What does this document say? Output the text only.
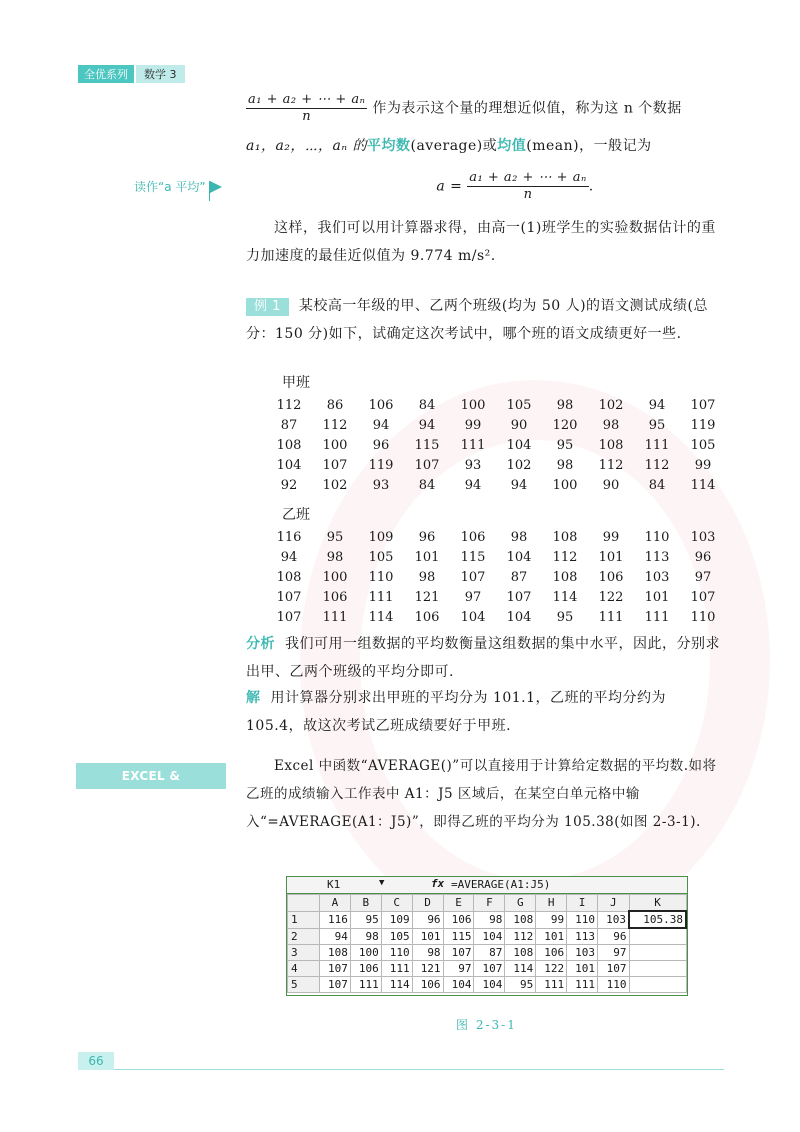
全优系列	数学 3
$\frac{\text{a₁ + a₂ + ⋯ + aₙ}}{n}$ 作为表示这个量的理想近似值，称为这 n 个数据
a₁，a₂，⋯，aₙ 的平均数(average)或均值(mean)，一般记为
$a = \frac{\text{a₁ + a₂ + ⋯ + aₙ}}{n}$ .
读作“a 平均”
这样，我们可以用计算器求得，由高一(1)班学生的实验数据估计的重力加速度的最佳近似值为 9.774 m/s².
例 1 某校高一年级的甲、乙两个班级(均为 50 人)的语文测试成绩(总分：150 分)如下，试确定这次考试中，哪个班的语文成绩更好一些.
甲班
112	86	106	84	100	105	98	102	94	107
87	112	94	94	99	90	120	98	95	119
108	100	96	115	111	104	95	108	111	105
104	107	119	107	93	102	98	112	112	99
92	102	93	84	94	94	100	90	84	114
乙班
116	95	109	96	106	98	108	99	110	103
94	98	105	101	115	104	112	101	113	96
108	100	110	98	107	87	108	106	103	97
107	106	111	121	97	107	114	122	101	107
107	111	114	106	104	104	95	111	111	110
分析 我们可用一组数据的平均数衡量这组数据的集中水平，因此，分别求出甲、乙两个班级的平均分即可.
解 用计算器分别求出甲班的平均分为 101.1，乙班的平均分约为 105.4，故这次考试乙班成绩要好于甲班.
EXCEL & CALCULATOR
Excel 中函数“AVERAGE()”可以直接用于计算给定数据的平均数.如将乙班的成绩输入工作表中 A1：J5 区域后，在某空白单元格中输入“=AVERAGE(A1：J5)”，即得乙班的平均分为 105.38(如图 2-3-1).
K1	▼	fx =AVERAGE(A1:J5)
	A	B	C	D	E	F	G	H	I	J	K
1	116	95	109	96	106	98	108	99	110	103	105.38
2	94	98	105	101	115	104	112	101	113	96	
3	108	100	110	98	107	87	108	106	103	97	
4	107	106	111	121	97	107	114	122	101	107	
5	107	111	114	106	104	104	95	111	111	110	
图 2-3-1
66
